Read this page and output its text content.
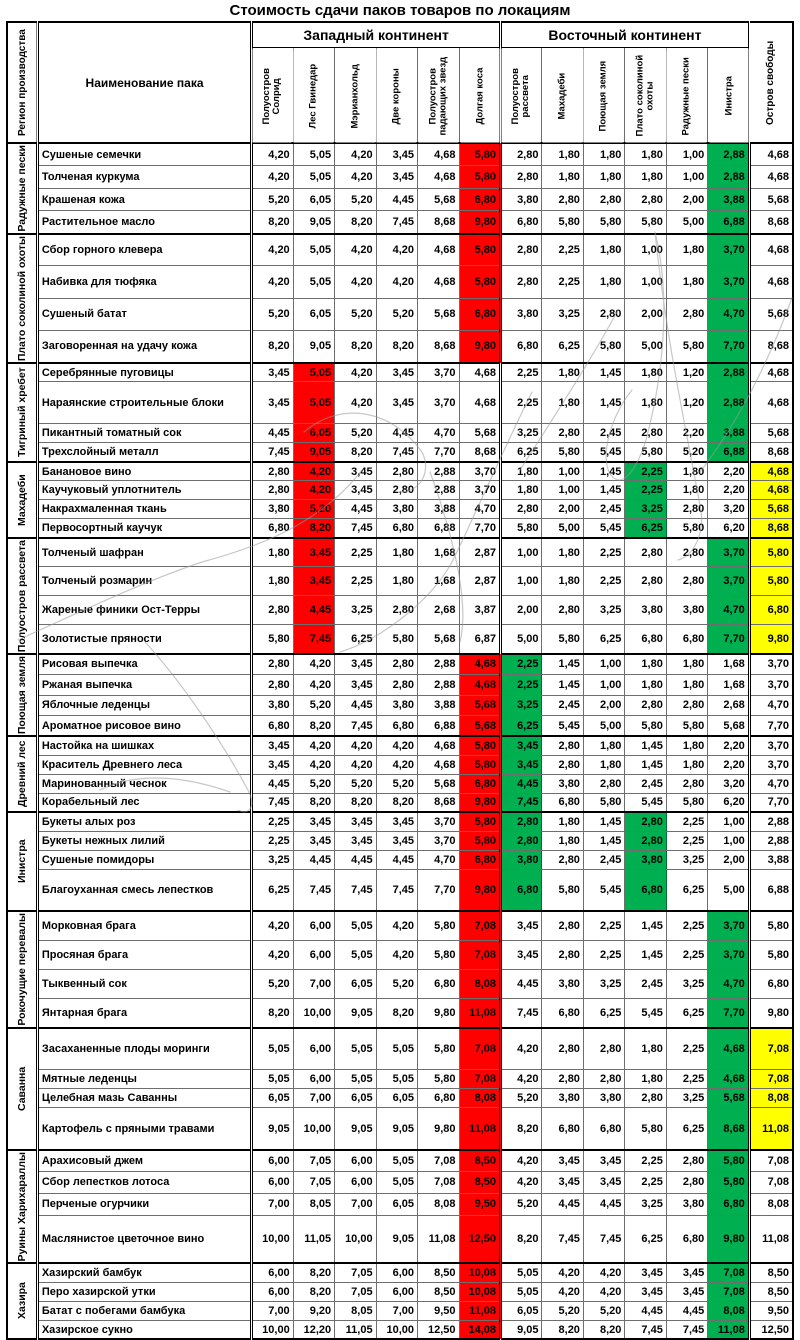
Стоимость сдачи паков товаров по локациям
Регион производства	Наименование пака	Западный континент						Восточный континент						Остров свободы
		Полуостров Солрид	Лес Гвинедар	Мэрианхольд	Две короны	Полуостров падающих звезд	Долгая коса	Полуостров рассвета	Махадеби	Поющая земля	Плато соколиной охоты	Радужные пески	Инистра	
Радужные пески	Сушеные семечки	4,20	5,05	4,20	3,45	4,68	5,80	2,80	1,80	1,80	1,80	1,00	2,88	4,68
	Толченая куркума	4,20	5,05	4,20	3,45	4,68	5,80	2,80	1,80	1,80	1,80	1,00	2,88	4,68
	Крашеная кожа	5,20	6,05	5,20	4,45	5,68	6,80	3,80	2,80	2,80	2,80	2,00	3,88	5,68
	Растительное масло	8,20	9,05	8,20	7,45	8,68	9,80	6,80	5,80	5,80	5,80	5,00	6,88	8,68
Плато соколиной охоты	Сбор горного клевера	4,20	5,05	4,20	4,20	4,68	5,80	2,80	2,25	1,80	1,00	1,80	3,70	4,68
	Набивка для тюфяка	4,20	5,05	4,20	4,20	4,68	5,80	2,80	2,25	1,80	1,00	1,80	3,70	4,68
	Сушеный батат	5,20	6,05	5,20	5,20	5,68	6,80	3,80	3,25	2,80	2,00	2,80	4,70	5,68
	Заговоренная на удачу кожа	8,20	9,05	8,20	8,20	8,68	9,80	6,80	6,25	5,80	5,00	5,80	7,70	8,68
Тигриный хребет	Серебрянные пуговицы	3,45	5,05	4,20	3,45	3,70	4,68	2,25	1,80	1,45	1,80	1,20	2,88	4,68
	Нараянские строительные блоки	3,45	5,05	4,20	3,45	3,70	4,68	2,25	1,80	1,45	1,80	1,20	2,88	4,68
	Пикантный томатный сок	4,45	6,05	5,20	4,45	4,70	5,68	3,25	2,80	2,45	2,80	2,20	3,88	5,68
	Трехслойный металл	7,45	9,05	8,20	7,45	7,70	8,68	6,25	5,80	5,45	5,80	5,20	6,88	8,68
Махадеби	Банановое вино	2,80	4,20	3,45	2,80	2,88	3,70	1,80	1,00	1,45	2,25	1,80	2,20	4,68
	Каучуковый уплотнитель	2,80	4,20	3,45	2,80	2,88	3,70	1,80	1,00	1,45	2,25	1,80	2,20	4,68
	Накрахмаленная ткань	3,80	5,20	4,45	3,80	3,88	4,70	2,80	2,00	2,45	3,25	2,80	3,20	5,68
	Первосортный каучук	6,80	8,20	7,45	6,80	6,88	7,70	5,80	5,00	5,45	6,25	5,80	6,20	8,68
Полуостров рассвета	Толченый шафран	1,80	3,45	2,25	1,80	1,68	2,87	1,00	1,80	2,25	2,80	2,80	3,70	5,80
	Толченый розмарин	1,80	3,45	2,25	1,80	1,68	2,87	1,00	1,80	2,25	2,80	2,80	3,70	5,80
	Жареные финики Ост-Терры	2,80	4,45	3,25	2,80	2,68	3,87	2,00	2,80	3,25	3,80	3,80	4,70	6,80
	Золотистые пряности	5,80	7,45	6,25	5,80	5,68	6,87	5,00	5,80	6,25	6,80	6,80	7,70	9,80
Поющая земля	Рисовая выпечка	2,80	4,20	3,45	2,80	2,88	4,68	2,25	1,45	1,00	1,80	1,80	1,68	3,70
	Ржаная выпечка	2,80	4,20	3,45	2,80	2,88	4,68	2,25	1,45	1,00	1,80	1,80	1,68	3,70
	Яблочные леденцы	3,80	5,20	4,45	3,80	3,88	5,68	3,25	2,45	2,00	2,80	2,80	2,68	4,70
	Ароматное рисовое вино	6,80	8,20	7,45	6,80	6,88	5,68	6,25	5,45	5,00	5,80	5,80	5,68	7,70
Древний лес	Настойка на шишках	3,45	4,20	4,20	4,20	4,68	5,80	3,45	2,80	1,80	1,45	1,80	2,20	3,70
	Краситель Древнего леса	3,45	4,20	4,20	4,20	4,68	5,80	3,45	2,80	1,80	1,45	1,80	2,20	3,70
	Маринованный чеснок	4,45	5,20	5,20	5,20	5,68	6,80	4,45	3,80	2,80	2,45	2,80	3,20	4,70
	Корабельный лес	7,45	8,20	8,20	8,20	8,68	9,80	7,45	6,80	5,80	5,45	5,80	6,20	7,70
Инистра	Букеты алых роз	2,25	3,45	3,45	3,45	3,70	5,80	2,80	1,80	1,45	2,80	2,25	1,00	2,88
	Букеты нежных лилий	2,25	3,45	3,45	3,45	3,70	5,80	2,80	1,80	1,45	2,80	2,25	1,00	2,88
	Сушеные помидоры	3,25	4,45	4,45	4,45	4,70	6,80	3,80	2,80	2,45	3,80	3,25	2,00	3,88
	Благоуханная смесь лепестков	6,25	7,45	7,45	7,45	7,70	9,80	6,80	5,80	5,45	6,80	6,25	5,00	6,88
Рокочущие перевалы	Морковная брага	4,20	6,00	5,05	4,20	5,80	7,08	3,45	2,80	2,25	1,45	2,25	3,70	5,80
	Просяная брага	4,20	6,00	5,05	4,20	5,80	7,08	3,45	2,80	2,25	1,45	2,25	3,70	5,80
	Тыквенный сок	5,20	7,00	6,05	5,20	6,80	8,08	4,45	3,80	3,25	2,45	3,25	4,70	6,80
	Янтарная брага	8,20	10,00	9,05	8,20	9,80	11,08	7,45	6,80	6,25	5,45	6,25	7,70	9,80
Саванна	Засаханенные плоды моринги	5,05	6,00	5,05	5,05	5,80	7,08	4,20	2,80	2,80	1,80	2,25	4,68	7,08
	Мятные леденцы	5,05	6,00	5,05	5,05	5,80	7,08	4,20	2,80	2,80	1,80	2,25	4,68	7,08
	Целебная мазь Саванны	6,05	7,00	6,05	6,05	6,80	8,08	5,20	3,80	3,80	2,80	3,25	5,68	8,08
	Картофель с пряными травами	9,05	10,00	9,05	9,05	9,80	11,08	8,20	6,80	6,80	5,80	6,25	8,68	11,08
Руины Харихараллы	Арахисовый джем	6,00	7,05	6,00	5,05	7,08	8,50	4,20	3,45	3,45	2,25	2,80	5,80	7,08
	Сбор лепестков лотоса	6,00	7,05	6,00	5,05	7,08	8,50	4,20	3,45	3,45	2,25	2,80	5,80	7,08
	Перченые огурчики	7,00	8,05	7,00	6,05	8,08	9,50	5,20	4,45	4,45	3,25	3,80	6,80	8,08
	Маслянистое цветочное вино	10,00	11,05	10,00	9,05	11,08	12,50	8,20	7,45	7,45	6,25	6,80	9,80	11,08
Хазира	Хазирский бамбук	6,00	8,20	7,05	6,00	8,50	10,08	5,05	4,20	4,20	3,45	3,45	7,08	8,50
	Перо хазирской утки	6,00	8,20	7,05	6,00	8,50	10,08	5,05	4,20	4,20	3,45	3,45	7,08	8,50
	Батат с побегами бамбука	7,00	9,20	8,05	7,00	9,50	11,08	6,05	5,20	5,20	4,45	4,45	8,08	9,50
	Хазирское сукно	10,00	12,20	11,05	10,00	12,50	14,08	9,05	8,20	8,20	7,45	7,45	11,08	12,50
